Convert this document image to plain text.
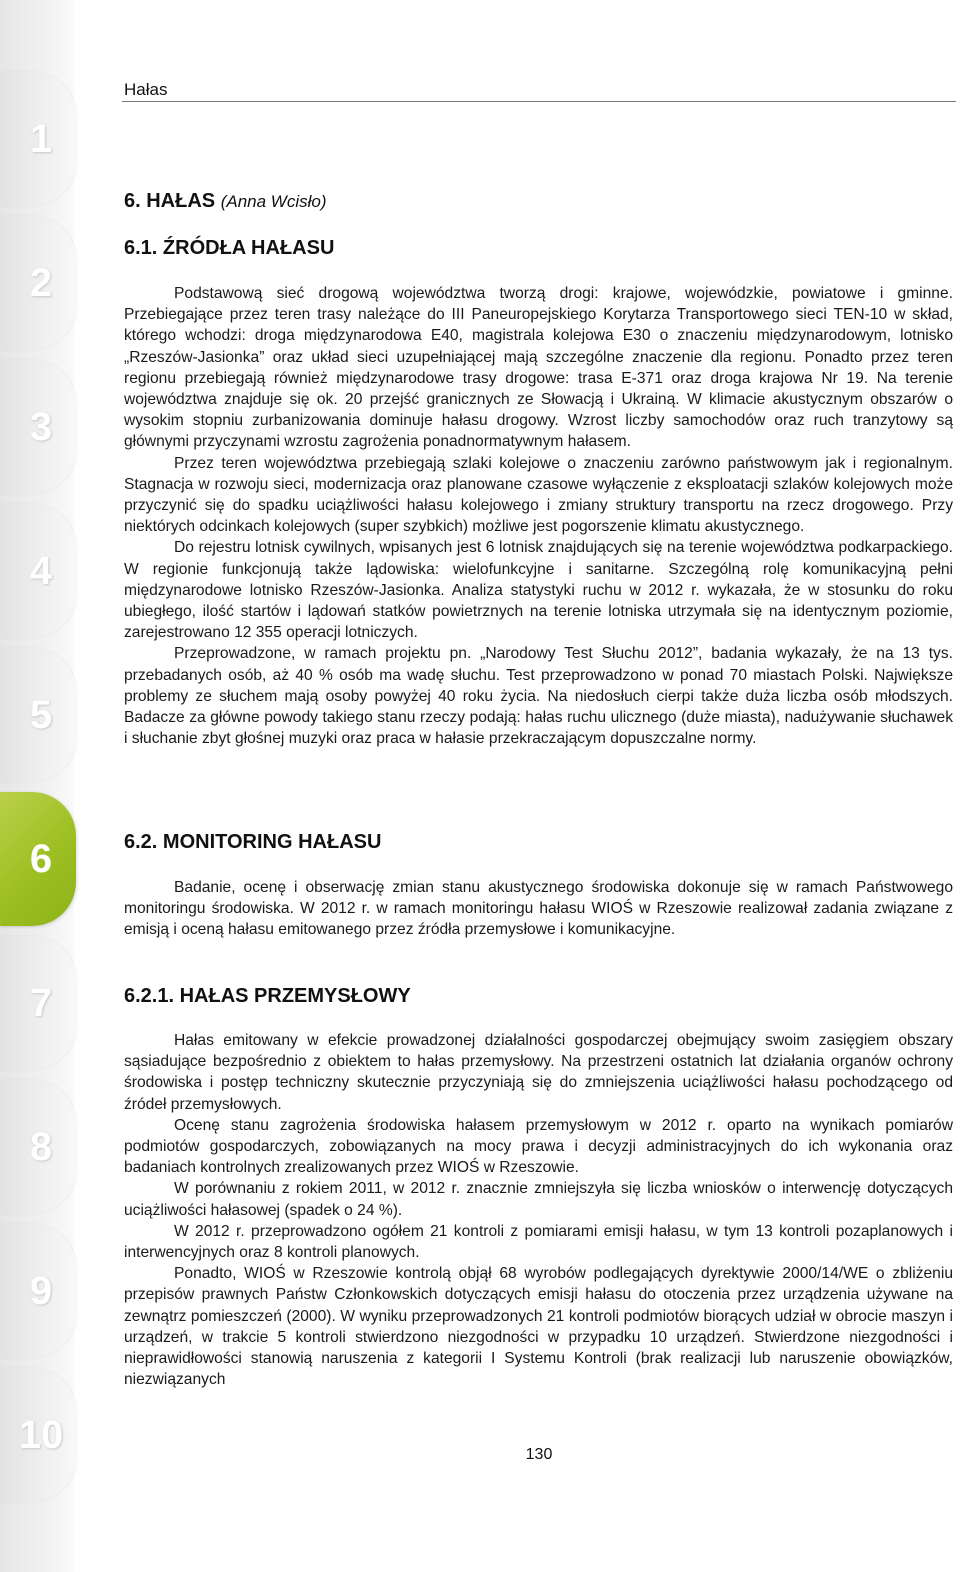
1
2
3
4
5
6
7
8
9
10
Hałas
6. HAŁAS (Anna Wcisło)
6.1. ŹRÓDŁA HAŁASU

Podstawową sieć drogową województwa tworzą drogi: krajowe, wojewódzkie, powiatowe i gminne. Przebiegające przez teren trasy należące do III Paneuropejskiego Korytarza Transportowego sieci TEN-10 w skład, którego wchodzi: droga międzynarodowa E40, magistrala kolejowa E30 o znaczeniu międzynarodowym, lotnisko „Rzeszów-Jasionka” oraz układ sieci uzupełniającej mają szczególne znaczenie dla regionu. Ponadto przez teren regionu przebiegają również międzynarodowe trasy drogowe: trasa E-371 oraz droga krajowa Nr 19. Na terenie województwa znajduje się ok. 20 przejść granicznych ze Słowacją i Ukrainą. W klimacie akustycznym obszarów o wysokim stopniu zurbanizowania dominuje hałasu drogowy. Wzrost liczby samochodów oraz ruch tranzytowy są głównymi przyczynami wzrostu zagrożenia ponadnormatywnym hałasem.

Przez teren województwa przebiegają szlaki kolejowe o znaczeniu zarówno państwowym jak i regionalnym. Stagnacja w rozwoju sieci, modernizacja oraz planowane czasowe wyłączenie z eksploatacji szlaków kolejowych może przyczynić się do spadku uciążliwości hałasu kolejowego i zmiany struktury transportu na rzecz drogowego. Przy niektórych odcinkach kolejowych (super szybkich) możliwe jest pogorszenie klimatu akustycznego.

Do rejestru lotnisk cywilnych, wpisanych jest 6 lotnisk znajdujących się na terenie województwa podkarpackiego. W regionie funkcjonują także lądowiska: wielofunkcyjne i sanitarne. Szczególną rolę komunikacyjną pełni międzynarodowe lotnisko Rzeszów-Jasionka. Analiza statystyki ruchu w 2012 r. wykazała, że w stosunku do roku ubiegłego, ilość startów i lądowań statków powietrznych na terenie lotniska utrzymała się na identycznym poziomie, zarejestrowano 12 355 operacji lotniczych.

Przeprowadzone, w ramach projektu pn. „Narodowy Test Słuchu 2012”, badania wykazały, że na 13 tys. przebadanych osób, aż 40 % osób ma wadę słuchu. Test przeprowadzono w ponad 70 miastach Polski. Największe problemy ze słuchem mają osoby powyżej 40 roku życia. Na niedosłuch cierpi także duża liczba osób młodszych. Badacze za główne powody takiego stanu rzeczy podają: hałas ruchu ulicznego (duże miasta), nadużywanie słuchawek i słuchanie zbyt głośnej muzyki oraz praca w hałasie przekraczającym dopuszczalne normy.

6.2. MONITORING HAŁASU

Badanie, ocenę i obserwację zmian stanu akustycznego środowiska dokonuje się w ramach Państwowego monitoringu środowiska. W 2012 r. w ramach monitoringu hałasu WIOŚ w Rzeszowie realizował zadania związane z emisją i oceną hałasu emitowanego przez źródła przemysłowe i komunikacyjne.

6.2.1. HAŁAS PRZEMYSŁOWY

Hałas emitowany w efekcie prowadzonej działalności gospodarczej obejmujący swoim zasięgiem obszary sąsiadujące bezpośrednio z obiektem to hałas przemysłowy. Na przestrzeni ostatnich lat działania organów ochrony środowiska i postęp techniczny skutecznie przyczyniają się do zmniejszenia uciążliwości hałasu pochodzącego od źródeł przemysłowych.

Ocenę stanu zagrożenia środowiska hałasem przemysłowym w 2012 r. oparto na wynikach pomiarów podmiotów gospodarczych, zobowiązanych na mocy prawa i decyzji administracyjnych do ich wykonania oraz badaniach kontrolnych zrealizowanych przez WIOŚ w Rzeszowie.

W porównaniu z rokiem 2011, w 2012 r. znacznie zmniejszyła się liczba wniosków o interwencję dotyczących uciążliwości hałasowej (spadek o 24 %).

W 2012 r. przeprowadzono ogółem 21 kontroli z pomiarami emisji hałasu, w tym 13 kontroli pozaplanowych i interwencyjnych oraz 8 kontroli planowych.

Ponadto, WIOŚ w Rzeszowie kontrolą objął 68 wyrobów podlegających dyrektywie 2000/14/WE o zbliżeniu przepisów prawnych Państw Członkowskich dotyczących emisji hałasu do otoczenia przez urządzenia używane na zewnątrz pomieszczeń (2000). W wyniku przeprowadzonych 21 kontroli podmiotów biorących udział w obrocie maszyn i urządzeń, w trakcie 5 kontroli stwierdzono niezgodności w przypadku 10 urządzeń. Stwierdzone niezgodności i nieprawidłowości stanowią naruszenia z kategorii I Systemu Kontroli (brak realizacji lub naruszenie obowiązków, niezwiązanych

130
